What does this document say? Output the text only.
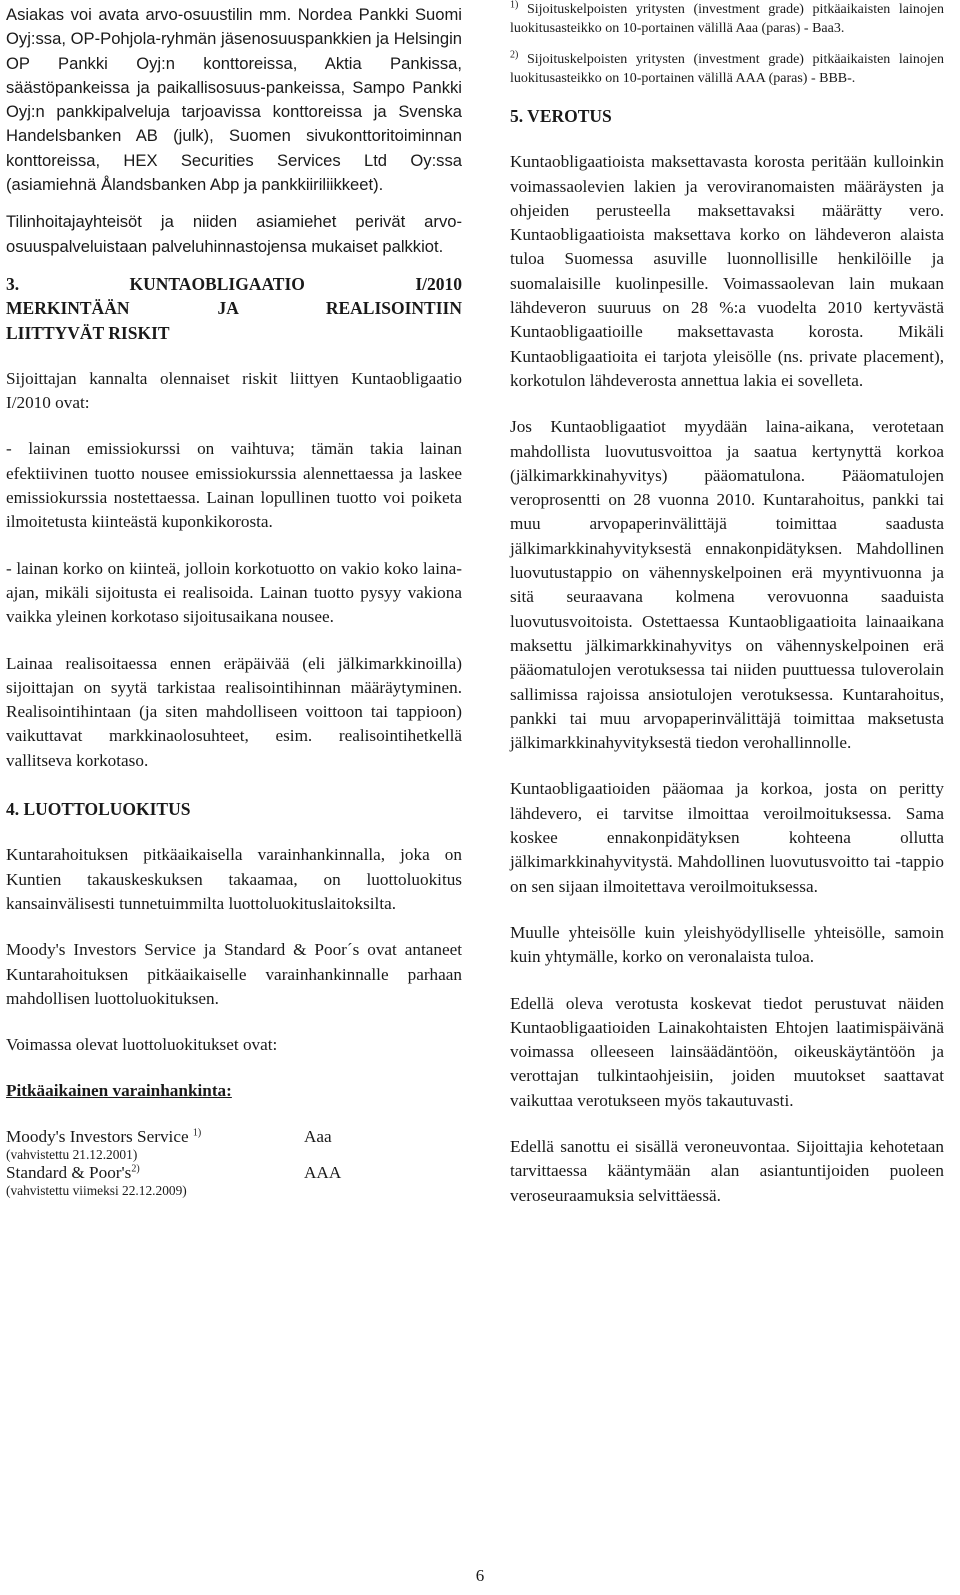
Asiakas voi avata arvo-osuustilin mm. Nordea Pankki Suomi Oyj:ssa, OP-Pohjola-ryhmän jäsenosuuspankkien ja Helsingin OP Pankki Oyj:n konttoreissa, Aktia Pankissa, säästöpankeissa ja paikallisosuus-pankeissa, Sampo Pankki Oyj:n pankkipalveluja tarjoavissa konttoreissa ja Svenska Handelsbanken AB (julk), Suomen sivukonttoritoiminnan konttoreissa, HEX Securities Services Ltd Oy:ssa (asiamiehnä Ålandsbanken Abp ja pankkiiriliikkeet).

Tilinhoitajayhteisöt ja niiden asiamiehet perivät arvo-osuuspalveluistaan palveluhinnastojensa mukaiset palkkiot.

3. KUNTAOBLIGAATIO I/2010
MERKINTÄÄN JA REALISOINTIIN
LIITTYVÄT RISKIT

Sijoittajan kannalta olennaiset riskit liittyen Kuntaobligaatio I/2010 ovat:

- lainan emissiokurssi on vaihtuva; tämän takia lainan efektiivinen tuotto nousee emissiokurssia alennettaessa ja laskee emissiokurssia nostettaessa. Lainan lopullinen tuotto voi poiketa ilmoitetusta kiinteästä kuponkikorosta.

- lainan korko on kiinteä, jolloin korkotuotto on vakio koko laina-ajan, mikäli sijoitusta ei realisoida. Lainan tuotto pysyy vakiona vaikka yleinen korkotaso sijoitusaikana nousee.

Lainaa realisoitaessa ennen eräpäivää (eli jälkimarkkinoilla) sijoittajan on syytä tarkistaa realisointihinnan määräytyminen. Realisointihintaan (ja siten mahdolliseen voittoon tai tappioon) vaikuttavat markkinaolosuhteet, esim. realisointihetkellä vallitseva korkotaso.

4. LUOTTOLUOKITUS

Kuntarahoituksen pitkäaikaisella varainhankinnalla, joka on Kuntien takauskeskuksen takaamaa, on luottoluokitus kansainvälisesti tunnetuimmilta luottoluokituslaitoksilta.

Moody's Investors Service ja Standard & Poor´s ovat antaneet Kuntarahoituksen pitkäaikaiselle varainhankinnalle parhaan mahdollisen luottoluokituksen.

Voimassa olevat luottoluokitukset ovat:

Pitkäaikainen varainhankinta:

Moody's Investors Service $^{1)}$	Aaa
(vahvistettu 21.12.2001)
Standard & $Poor's^{2)}$	AAA
(vahvistettu viimeksi 22.12.2009)

$^{1)}$ Sijoituskelpoisten yritysten (investment grade) pitkäaikaisten lainojen luokitusasteikko on 10-portainen välillä Aaa (paras) - Baa3.

$^{2)}$ Sijoituskelpoisten yritysten (investment grade) pitkäaikaisten lainojen luokitusasteikko on 10-portainen välillä AAA (paras) - BBB-.

5. VEROTUS

Kuntaobligaatioista maksettavasta korosta peritään kulloinkin voimassaolevien lakien ja veroviranomaisten määräysten ja ohjeiden perusteella maksettavaksi määrätty vero. Kuntaobligaatioista maksettava korko on lähdeveron alaista tuloa Suomessa asuville luonnollisille henkilöille ja suomalaisille kuolinpesille. Voimassaolevan lain mukaan lähdeveron suuruus on 28 %:a vuodelta 2010 kertyvästä Kuntaobligaatioille maksettavasta korosta. Mikäli Kuntaobligaatioita ei tarjota yleisölle (ns. private placement), korkotulon lähdeverosta annettua lakia ei sovelleta.

Jos Kuntaobligaatiot myydään laina-aikana, verotetaan mahdollista luovutusvoittoa ja saatua kertynyttä korkoa (jälkimarkkinahyvitys) pääomatulona. Pääomatulojen veroprosentti on 28 vuonna 2010. Kuntarahoitus, pankki tai muu arvopaperinvälittäjä toimittaa saadusta jälkimarkkinahyvityksestä ennakonpidätyksen. Mahdollinen luovutustappio on vähennyskelpoinen erä myyntivuonna ja sitä seuraavana kolmena verovuonna saaduista luovutusvoitoista. Ostettaessa Kuntaobligaatioita lainaaikana maksettu jälkimarkkinahyvitys on vähennyskelpoinen erä pääomatulojen verotuksessa tai niiden puuttuessa tuloverolain sallimissa rajoissa ansiotulojen verotuksessa. Kuntarahoitus, pankki tai muu arvopaperinvälittäjä toimittaa maksetusta jälkimarkkinahyvityksestä tiedon verohallinnolle.

Kuntaobligaatioiden pääomaa ja korkoa, josta on peritty lähdevero, ei tarvitse ilmoittaa veroilmoituksessa. Sama koskee ennakonpidätyksen kohteena ollutta jälkimarkkinahyvitystä. Mahdollinen luovutusvoitto tai -tappio on sen sijaan ilmoitettava veroilmoituksessa.

Muulle yhteisölle kuin yleishyödylliselle yhteisölle, samoin kuin yhtymälle, korko on veronalaista tuloa.

Edellä oleva verotusta koskevat tiedot perustuvat näiden Kuntaobligaatioiden Lainakohtaisten Ehtojen laatimispäivänä voimassa olleeseen lainsäädäntöön, oikeuskäytäntöön ja verottajan tulkintaohjeisiin, joiden muutokset saattavat vaikuttaa verotukseen myös takautuvasti.

Edellä sanottu ei sisällä veroneuvontaa. Sijoittajia kehotetaan tarvittaessa kääntymään alan asiantuntijoiden puoleen veroseuraamuksia selvittäessä.

6
